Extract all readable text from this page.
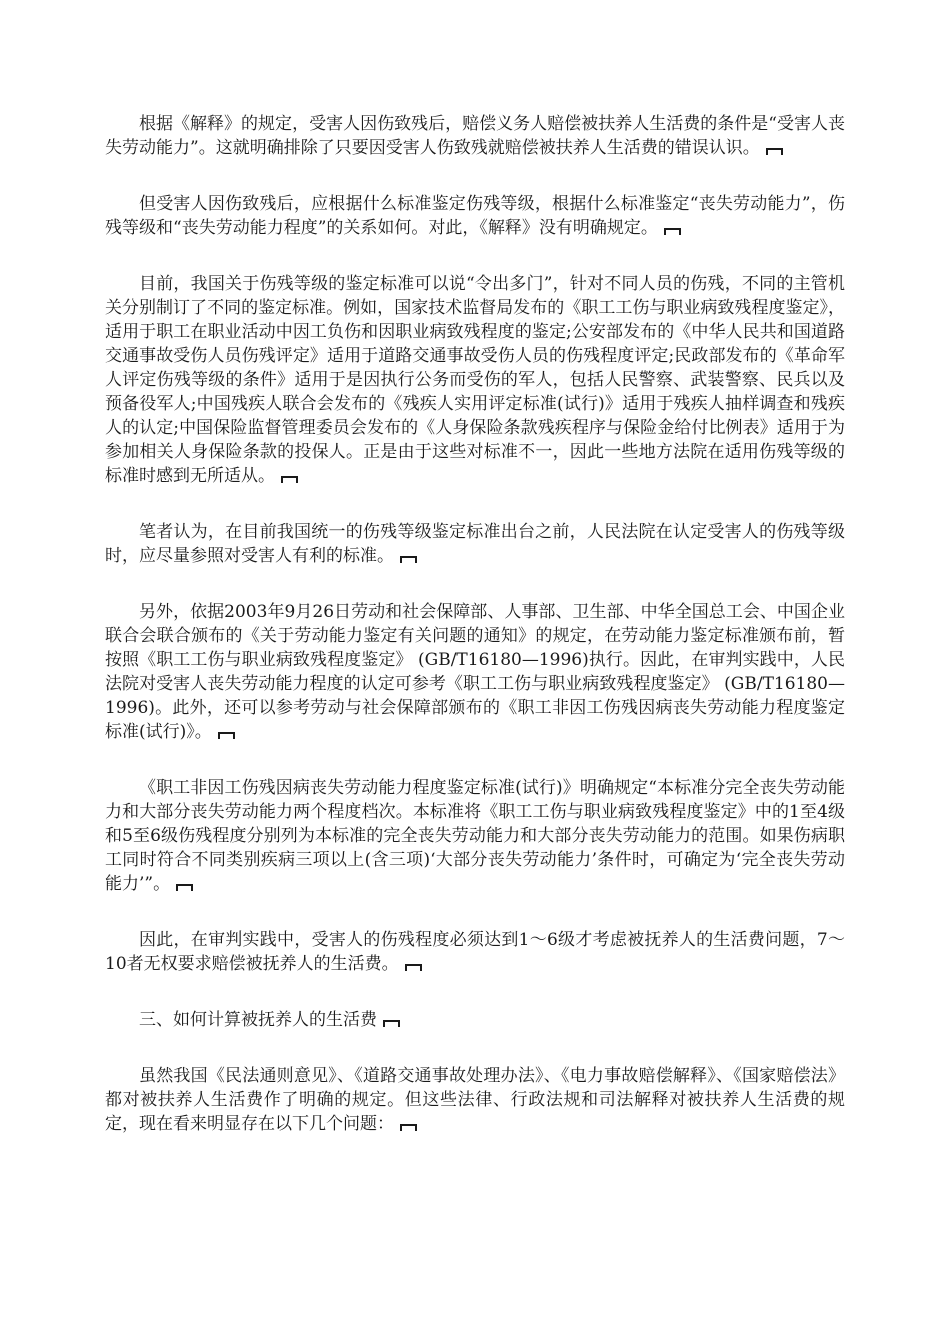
根据《解释》的规定，受害人因伤致残后，赔偿义务人赔偿被扶养人生活费的条件是“受害人丧失劳动能力”。这就明确排除了只要因受害人伤致残就赔偿被扶养人生活费的错误认识。

但受害人因伤致残后，应根据什么标准鉴定伤残等级，根据什么标准鉴定“丧失劳动能力”，伤残等级和“丧失劳动能力程度”的关系如何。对此，《解释》没有明确规定。

目前，我国关于伤残等级的鉴定标准可以说“令出多门”，针对不同人员的伤残，不同的主管机关分别制订了不同的鉴定标准。例如，国家技术监督局发布的《职工工伤与职业病致残程度鉴定》，适用于职工在职业活动中因工负伤和因职业病致残程度的鉴定;公安部发布的《中华人民共和国道路交通事故受伤人员伤残评定》适用于道路交通事故受伤人员的伤残程度评定;民政部发布的《革命军人评定伤残等级的条件》适用于是因执行公务而受伤的军人，包括人民警察、武装警察、民兵以及预备役军人;中国残疾人联合会发布的《残疾人实用评定标准(试行)》适用于残疾人抽样调查和残疾人的认定;中国保险监督管理委员会发布的《人身保险条款残疾程序与保险金给付比例表》适用于为参加相关人身保险条款的投保人。正是由于这些对标准不一，因此一些地方法院在适用伤残等级的标准时感到无所适从。

笔者认为，在目前我国统一的伤残等级鉴定标准出台之前，人民法院在认定受害人的伤残等级时，应尽量参照对受害人有利的标准。

另外，依据2003年9月26日劳动和社会保障部、人事部、卫生部、中华全国总工会、中国企业联合会联合颁布的《关于劳动能力鉴定有关问题的通知》的规定，在劳动能力鉴定标准颁布前，暂按照《职工工伤与职业病致残程度鉴定》 (GB/T16180—1996)执行。因此，在审判实践中，人民法院对受害人丧失劳动能力程度的认定可参考《职工工伤与职业病致残程度鉴定》 (GB/T16180—1996)。此外，还可以参考劳动与社会保障部颁布的《职工非因工伤残因病丧失劳动能力程度鉴定标准(试行)》。

《职工非因工伤残因病丧失劳动能力程度鉴定标准(试行)》明确规定“本标准分完全丧失劳动能力和大部分丧失劳动能力两个程度档次。本标准将《职工工伤与职业病致残程度鉴定》中的1至4级和5至6级伤残程度分别列为本标准的完全丧失劳动能力和大部分丧失劳动能力的范围。如果伤病职工同时符合不同类别疾病三项以上(含三项)‘大部分丧失劳动能力’条件时，可确定为‘完全丧失劳动能力’”。

因此，在审判实践中，受害人的伤残程度必须达到1～6级才考虑被抚养人的生活费问题，7～10者无权要求赔偿被抚养人的生活费。

三、如何计算被抚养人的生活费

虽然我国《民法通则意见》、《道路交通事故处理办法》、《电力事故赔偿解释》、《国家赔偿法》都对被扶养人生活费作了明确的规定。但这些法律、行政法规和司法解释对被扶养人生活费的规定，现在看来明显存在以下几个问题：
